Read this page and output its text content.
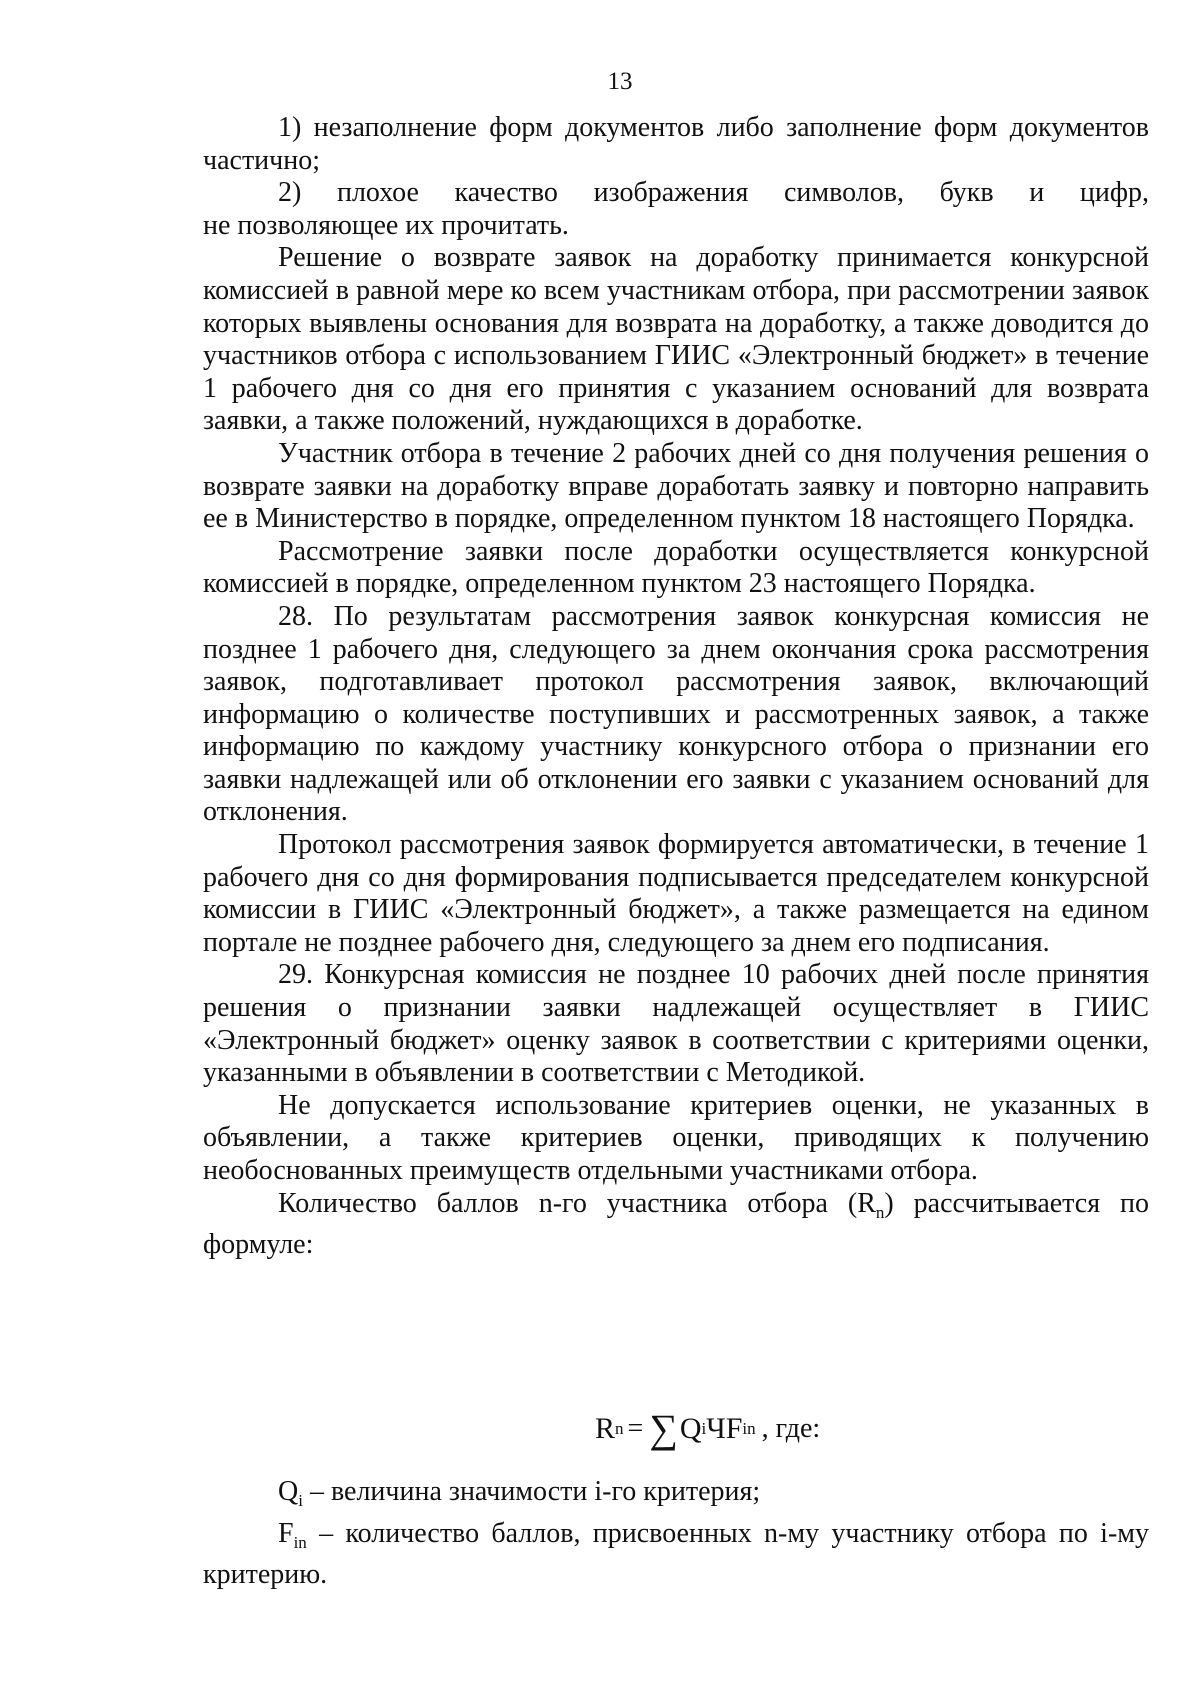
13

1) незаполнение форм документов либо заполнение форм документов частично;

2) плохое качество изображения символов, букв и цифр,

не позволяющее их прочитать.

Решение о возврате заявок на доработку принимается конкурсной комиссией в равной мере ко всем участникам отбора, при рассмотрении заявок которых выявлены основания для возврата на доработку, а также доводится до участников отбора с использованием ГИИС «Электронный бюджет» в течение 1 рабочего дня со дня его принятия с указанием оснований для возврата заявки, а также положений, нуждающихся в доработке.

Участник отбора в течение 2 рабочих дней со дня получения решения о возврате заявки на доработку вправе доработать заявку и повторно направить ее в Министерство в порядке, определенном пунктом 18 настоящего Порядка.

Рассмотрение заявки после доработки осуществляется конкурсной комиссией в порядке, определенном пунктом 23 настоящего Порядка.

28. По результатам рассмотрения заявок конкурсная комиссия не позднее 1 рабочего дня, следующего за днем окончания срока рассмотрения заявок, подготавливает протокол рассмотрения заявок, включающий информацию о количестве поступивших и рассмотренных заявок, а также информацию по каждому участнику конкурсного отбора о признании его заявки надлежащей или об отклонении его заявки с указанием оснований для отклонения.

Протокол рассмотрения заявок формируется автоматически, в течение 1 рабочего дня со дня формирования подписывается председателем конкурсной комиссии в ГИИС «Электронный бюджет», а также размещается на едином портале не позднее рабочего дня, следующего за днем его подписания.

29. Конкурсная комиссия не позднее 10 рабочих дней после принятия решения о признании заявки надлежащей осуществляет в ГИИС «Электронный бюджет» оценку заявок в соответствии с критериями оценки, указанными в объявлении в соответствии с Методикой.

Не допускается использование критериев оценки, не указанных в объявлении, а также критериев оценки, приводящих к получению необоснованных преимуществ отдельными участниками отбора.

Количество баллов n-го участника отбора $(R_n)$ рассчитывается по формуле:

R n = ∑ Q i Ч F in , где:

$Q_i$ – величина значимости i-го критерия;

$F_{in}$ – количество баллов, присвоенных n-му участнику отбора по i-му критерию.
